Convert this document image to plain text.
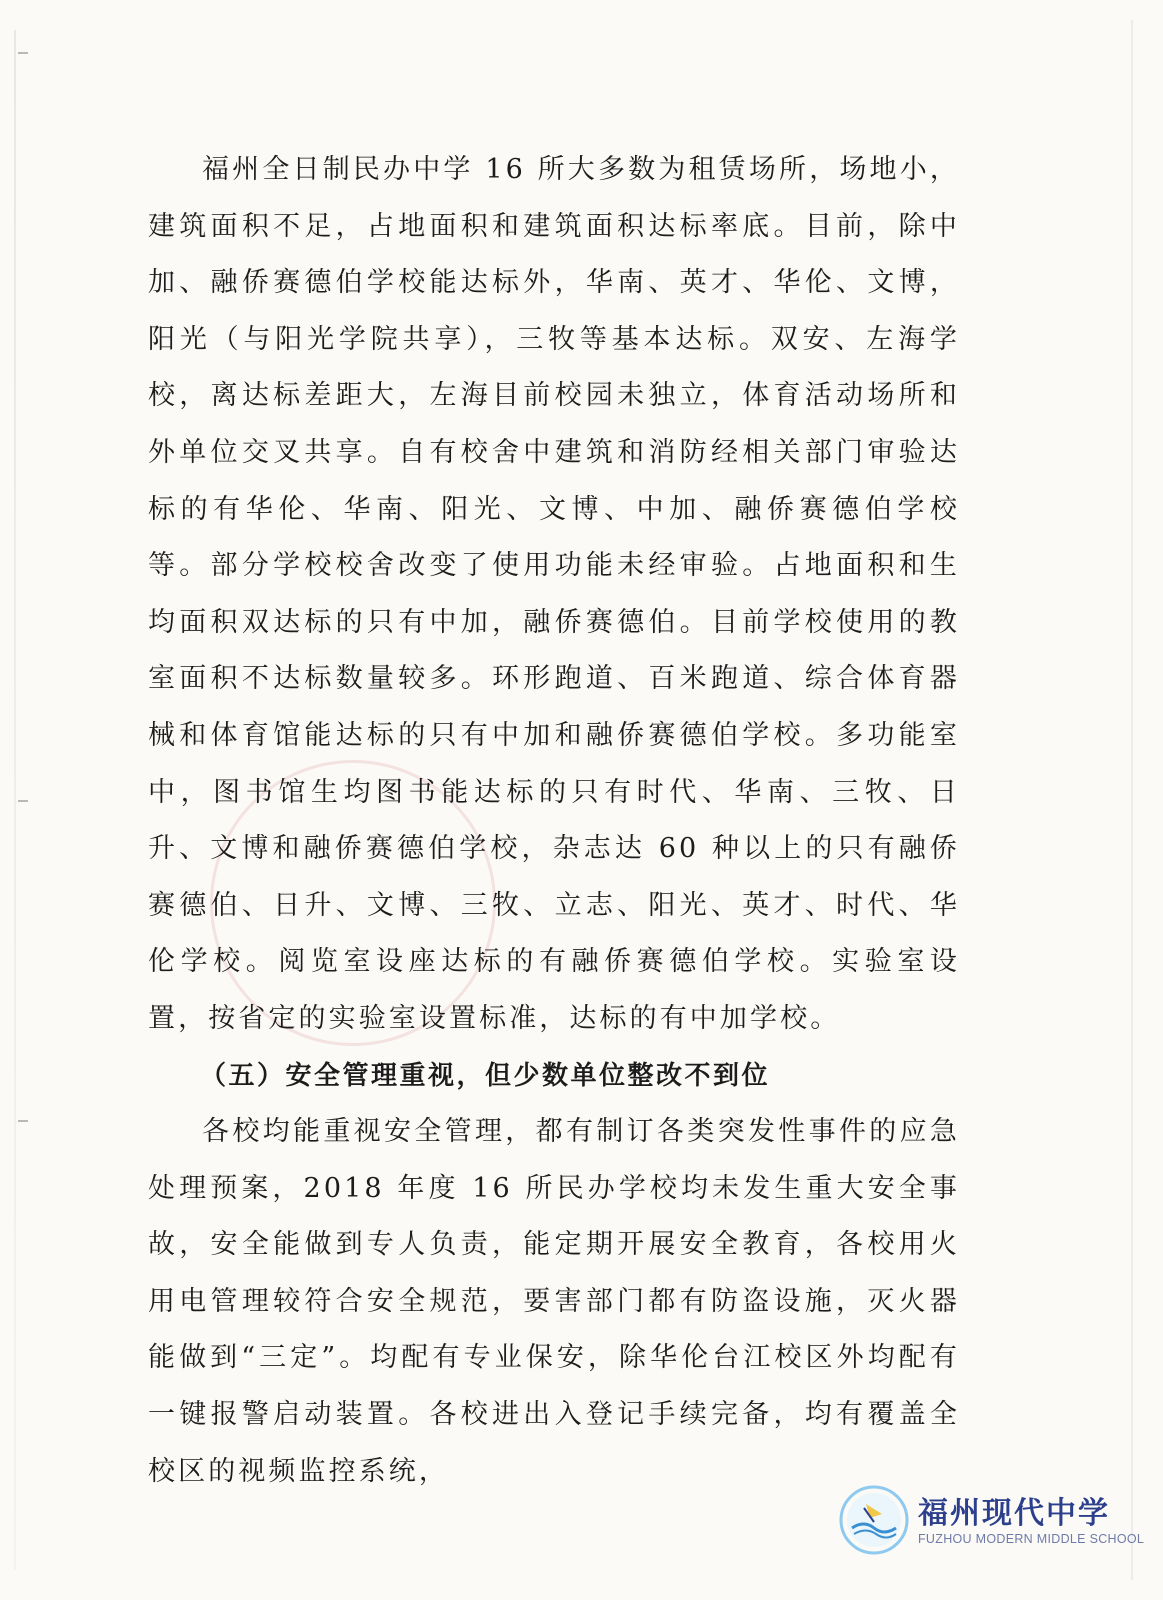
福州全日制民办中学 16 所大多数为租赁场所，场地小，建筑面积不足，占地面积和建筑面积达标率底。目前，除中加、融侨赛德伯学校能达标外，华南、英才、华伦、文博，阳光（与阳光学院共享），三牧等基本达标。双安、左海学校，离达标差距大，左海目前校园未独立，体育活动场所和外单位交叉共享。自有校舍中建筑和消防经相关部门审验达标的有华伦、华南、阳光、文博、中加、融侨赛德伯学校等。部分学校校舍改变了使用功能未经审验。占地面积和生均面积双达标的只有中加，融侨赛德伯。目前学校使用的教室面积不达标数量较多。环形跑道、百米跑道、综合体育器械和体育馆能达标的只有中加和融侨赛德伯学校。多功能室中，图书馆生均图书能达标的只有时代、华南、三牧、日升、文博和融侨赛德伯学校，杂志达 60 种以上的只有融侨赛德伯、日升、文博、三牧、立志、阳光、英才、时代、华伦学校。阅览室设座达标的有融侨赛德伯学校。实验室设置，按省定的实验室设置标准，达标的有中加学校。

（五）安全管理重视，但少数单位整改不到位

各校均能重视安全管理，都有制订各类突发性事件的应急处理预案，2018 年度 16 所民办学校均未发生重大安全事故，安全能做到专人负责，能定期开展安全教育，各校用火用电管理较符合安全规范，要害部门都有防盗设施，灭火器能做到“三定”。均配有专业保安，除华伦台江校区外均配有一键报警启动装置。各校进出入登记手续完备，均有覆盖全校区的视频监控系统，

福州现代中学
FUZHOU MODERN MIDDLE SCHOOL
